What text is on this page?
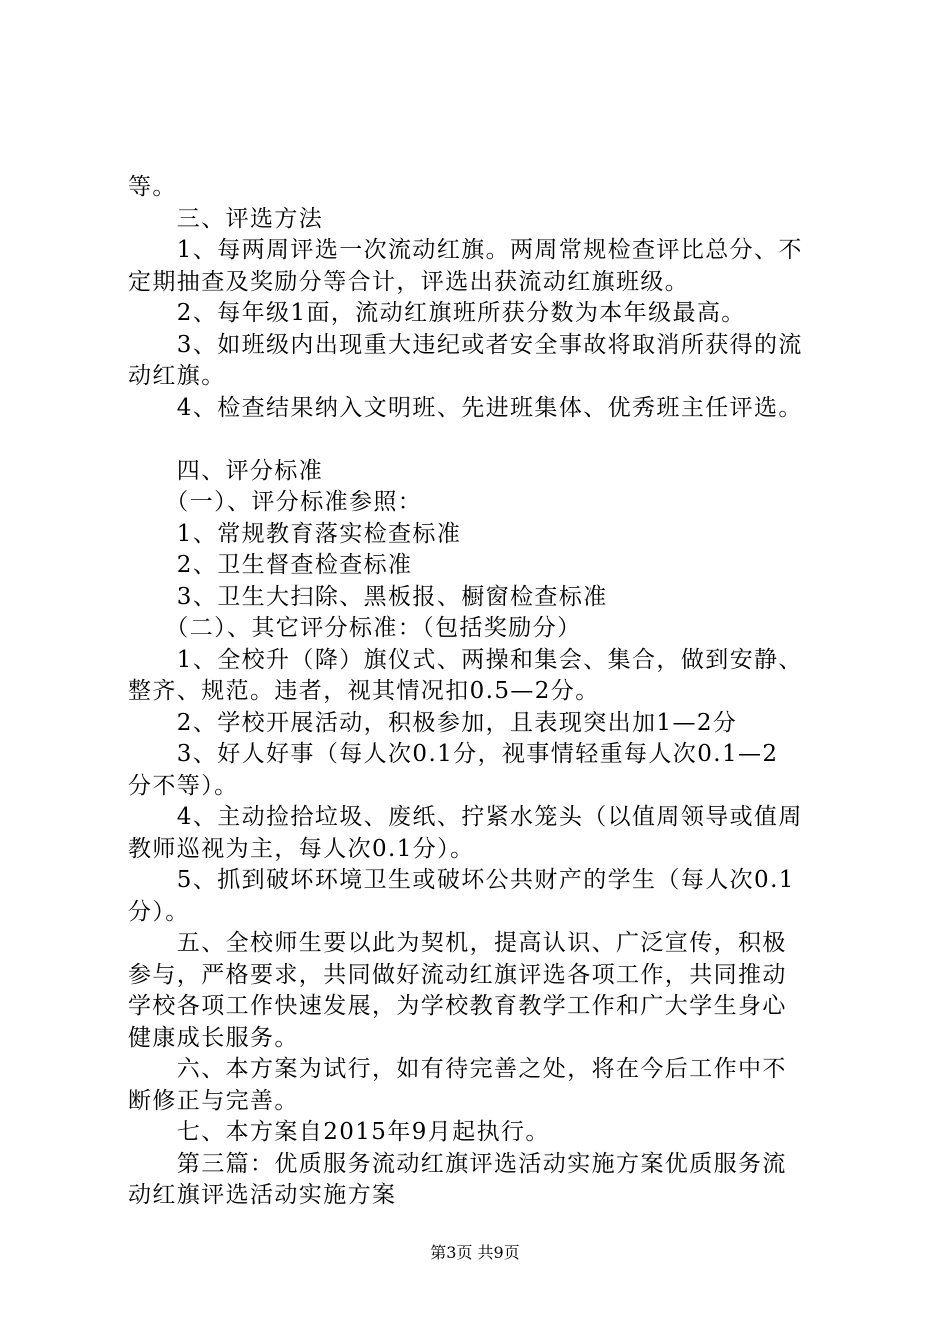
等。
　　三、评选方法
　　1、每两周评选一次流动红旗。两周常规检查评比总分、不
定期抽查及奖励分等合计，评选出获流动红旗班级。
　　2、每年级1面，流动红旗班所获分数为本年级最高。
　　3、如班级内出现重大违纪或者安全事故将取消所获得的流
动红旗。
　　4、检查结果纳入文明班、先进班集体、优秀班主任评选。
　　四、评分标准
　　（一）、评分标准参照：
　　1、常规教育落实检查标准
　　2、卫生督查检查标准
　　3、卫生大扫除、黑板报、橱窗检查标准
　　（二）、其它评分标准：（包括奖励分）
　　1、全校升（降）旗仪式、两操和集会、集合，做到安静、
整齐、规范。违者，视其情况扣0.5—2分。
　　2、学校开展活动，积极参加，且表现突出加1—2分
　　3、好人好事（每人次0.1分，视事情轻重每人次0.1—2
分不等）。
　　4、主动捡拾垃圾、废纸、拧紧水笼头（以值周领导或值周
教师巡视为主，每人次0.1分）。
　　5、抓到破坏环境卫生或破坏公共财产的学生（每人次0.1
分）。
　　五、全校师生要以此为契机，提高认识、广泛宣传，积极
参与，严格要求，共同做好流动红旗评选各项工作，共同推动
学校各项工作快速发展，为学校教育教学工作和广大学生身心
健康成长服务。
　　六、本方案为试行，如有待完善之处，将在今后工作中不
断修正与完善。
　　七、本方案自2015年9月起执行。
　　第三篇：优质服务流动红旗评选活动实施方案优质服务流
动红旗评选活动实施方案
第3页 共9页
